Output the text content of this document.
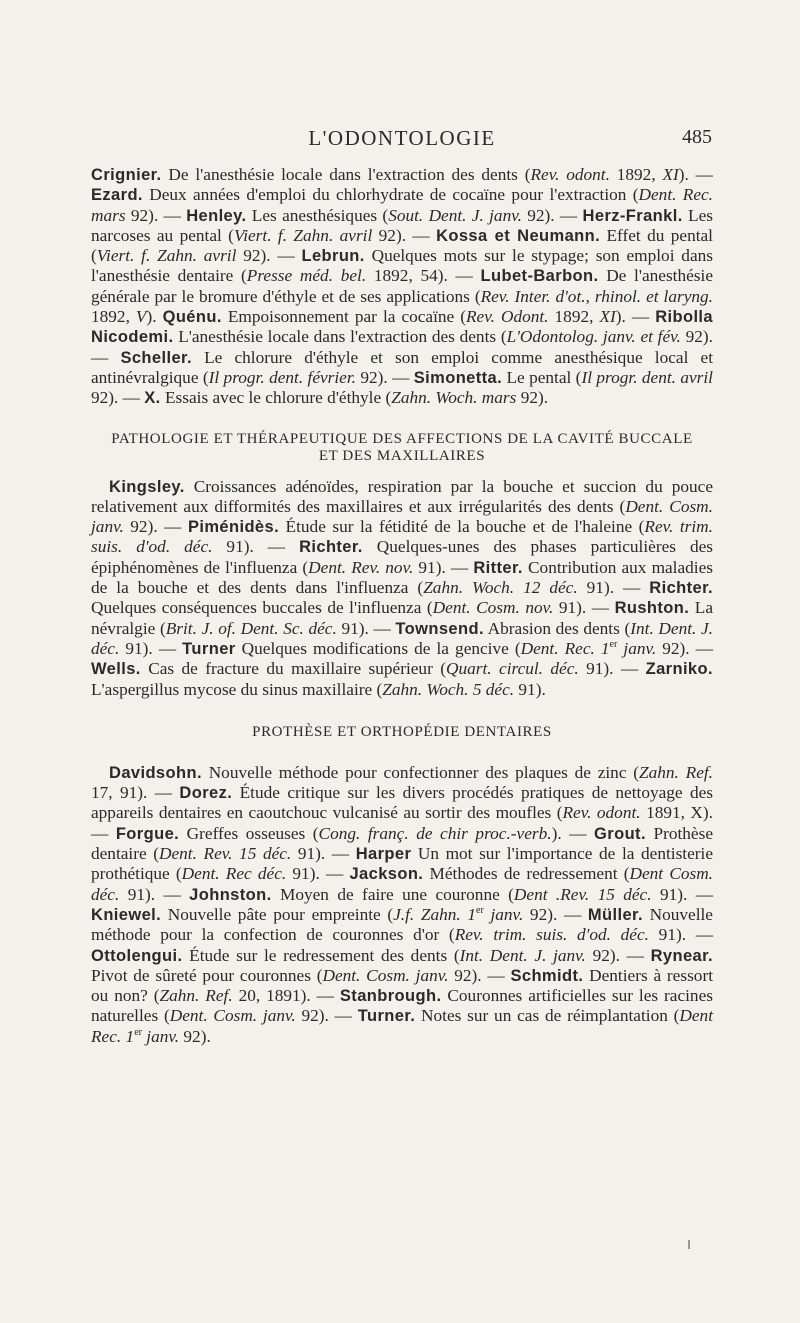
L'ODONTOLOGIE	485

Crignier. De l'anesthésie locale dans l'extraction des dents (Rev. odont. 1892, XI). — Ezard. Deux années d'emploi du chlorhydrate de cocaïne pour l'extraction (Dent. Rec. mars 92). — Henley. Les anesthésiques (Sout. Dent. J. janv. 92). — Herz-Frankl. Les narcoses au pental (Viert. f. Zahn. avril 92). — Kossa et Neumann. Effet du pental (Viert. f. Zahn. avril 92). — Lebrun. Quelques mots sur le stypage; son emploi dans l'anesthésie dentaire (Presse méd. bel. 1892, 54). — Lubet-Barbon. De l'anesthésie générale par le bromure d'éthyle et de ses applications (Rev. Inter. d'ot., rhinol. et laryng. 1892, V). Quénu. Empoisonnement par la cocaïne (Rev. Odont. 1892, XI). — Ribolla Nicodemi. L'anesthésie locale dans l'extraction des dents (L'Odontolog. janv. et fév. 92). — Scheller. Le chlorure d'éthyle et son emploi comme anesthésique local et antinévralgique (Il progr. dent. février. 92). — Simonetta. Le pental (Il progr. dent. avril 92). — X. Essais avec le chlorure d'éthyle (Zahn. Woch. mars 92).

PATHOLOGIE ET THÉRAPEUTIQUE DES AFFECTIONS DE LA CAVITÉ BUCCALE ET DES MAXILLAIRES

Kingsley. Croissances adénoïdes, respiration par la bouche et succion du pouce relativement aux difformités des maxillaires et aux irrégularités des dents (Dent. Cosm. janv. 92). — Piménidès. Étude sur la fétidité de la bouche et de l'haleine (Rev. trim. suis. d'od. déc. 91). — Richter. Quelques-unes des phases particulières des épiphénomènes de l'influenza (Dent. Rev. nov. 91). — Ritter. Contribution aux maladies de la bouche et des dents dans l'influenza (Zahn. Woch. 12 déc. 91). — Richter. Quelques conséquences buccales de l'influenza (Dent. Cosm. nov. 91). — Rushton. La névralgie (Brit. J. of. Dent. Sc. déc. 91). — Townsend. Abrasion des dents (Int. Dent. J. déc. 91). — Turner Quelques modifications de la gencive (Dent. Rec. 1er janv. 92). — Wells. Cas de fracture du maxillaire supérieur (Quart. circul. déc. 91). — Zarniko. L'aspergillus mycose du sinus maxillaire (Zahn. Woch. 5 déc. 91).

PROTHÈSE ET ORTHOPÉDIE DENTAIRES

Davidsohn. Nouvelle méthode pour confectionner des plaques de zinc (Zahn. Ref. 17, 91). — Dorez. Étude critique sur les divers procédés pratiques de nettoyage des appareils dentaires en caoutchouc vulcanisé au sortir des moufles (Rev. odont. 1891, X). — Forgue. Greffes osseuses (Cong. franç. de chir proc.-verb.). — Grout. Prothèse dentaire (Dent. Rev. 15 déc. 91). — Harper Un mot sur l'importance de la dentisterie prothétique (Dent. Rec déc. 91). — Jackson. Méthodes de redressement (Dent Cosm. déc. 91). — Johnston. Moyen de faire une couronne (Dent .Rev. 15 déc. 91). — Kniewel. Nouvelle pâte pour empreinte (J.f. Zahn. 1er janv. 92). — Müller. Nouvelle méthode pour la confection de couronnes d'or (Rev. trim. suis. d'od. déc. 91). — Ottolengui. Étude sur le redressement des dents (Int. Dent. J. janv. 92). — Rynear. Pivot de sûreté pour couronnes (Dent. Cosm. janv. 92). — Schmidt. Dentiers à ressort ou non? (Zahn. Ref. 20, 1891). — Stanbrough. Couronnes artificielles sur les racines naturelles (Dent. Cosm. janv. 92). — Turner. Notes sur un cas de réimplantation (Dent Rec. 1er janv. 92).
